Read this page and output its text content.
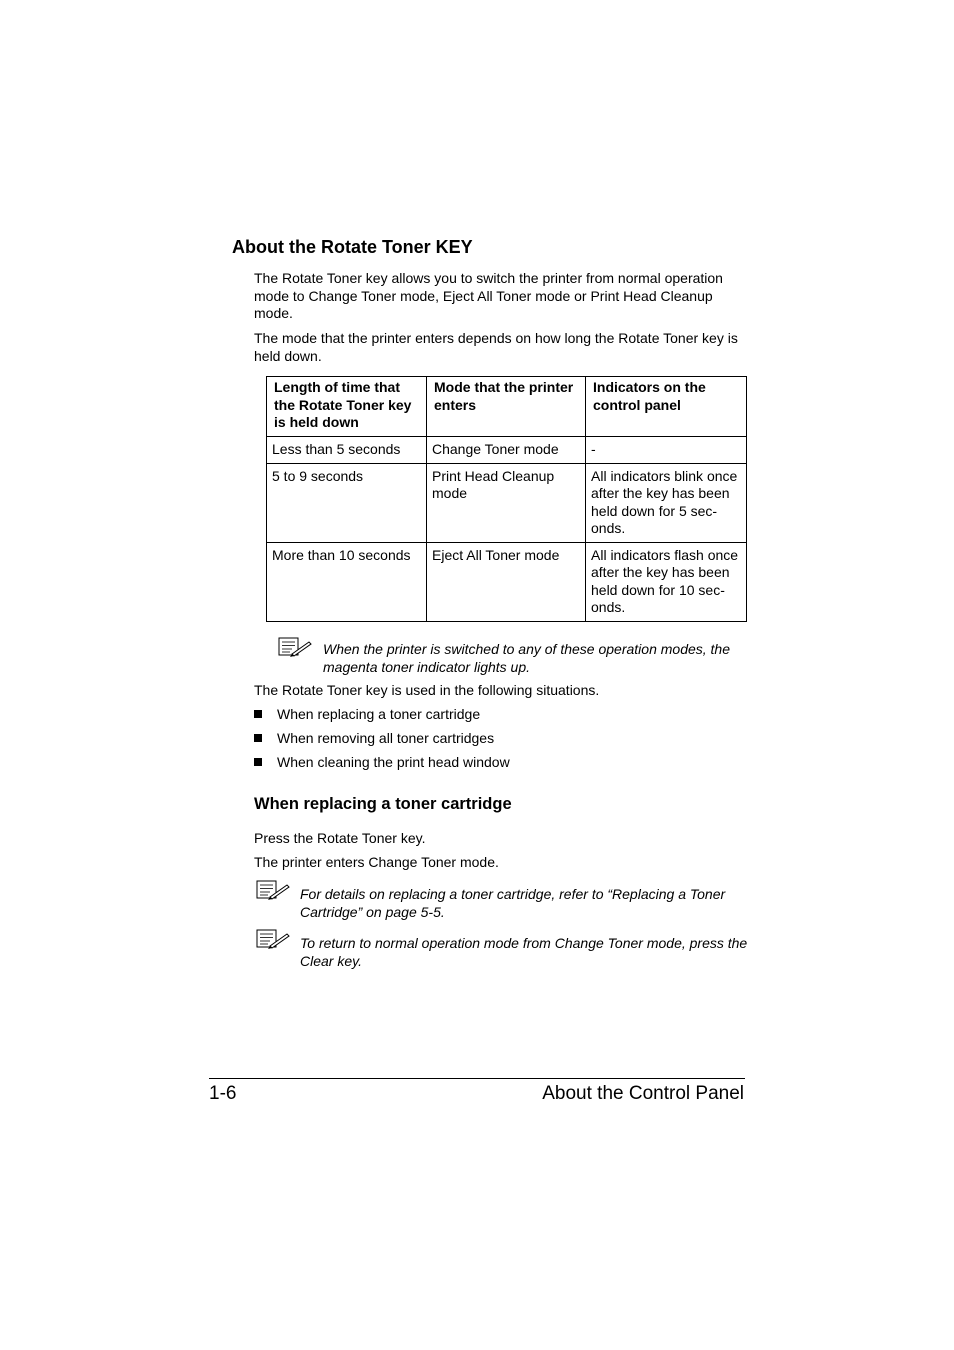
About the Rotate Toner KEY
The Rotate Toner key allows you to switch the printer from normal operation mode to Change Toner mode, Eject All Toner mode or Print Head Cleanup mode.
The mode that the printer enters depends on how long the Rotate Toner key is held down.
Length of time that the Rotate Toner key is held down	Mode that the printer enters	Indicators on the control panel
Less than 5 seconds	Change Toner mode	-
5 to 9 seconds	Print Head Cleanup mode	All indicators blink once after the key has been held down for 5 sec-onds.
More than 10 seconds	Eject All Toner mode	All indicators flash once after the key has been held down for 10 sec-onds.
When the printer is switched to any of these operation modes, the magenta toner indicator lights up.
The Rotate Toner key is used in the following situations.
When replacing a toner cartridge
When removing all toner cartridges
When cleaning the print head window
When replacing a toner cartridge
Press the Rotate Toner key.
The printer enters Change Toner mode.
For details on replacing a toner cartridge, refer to “Replacing a Toner Cartridge” on page 5-5.
To return to normal operation mode from Change Toner mode, press the Clear key.
1-6	About the Control Panel
